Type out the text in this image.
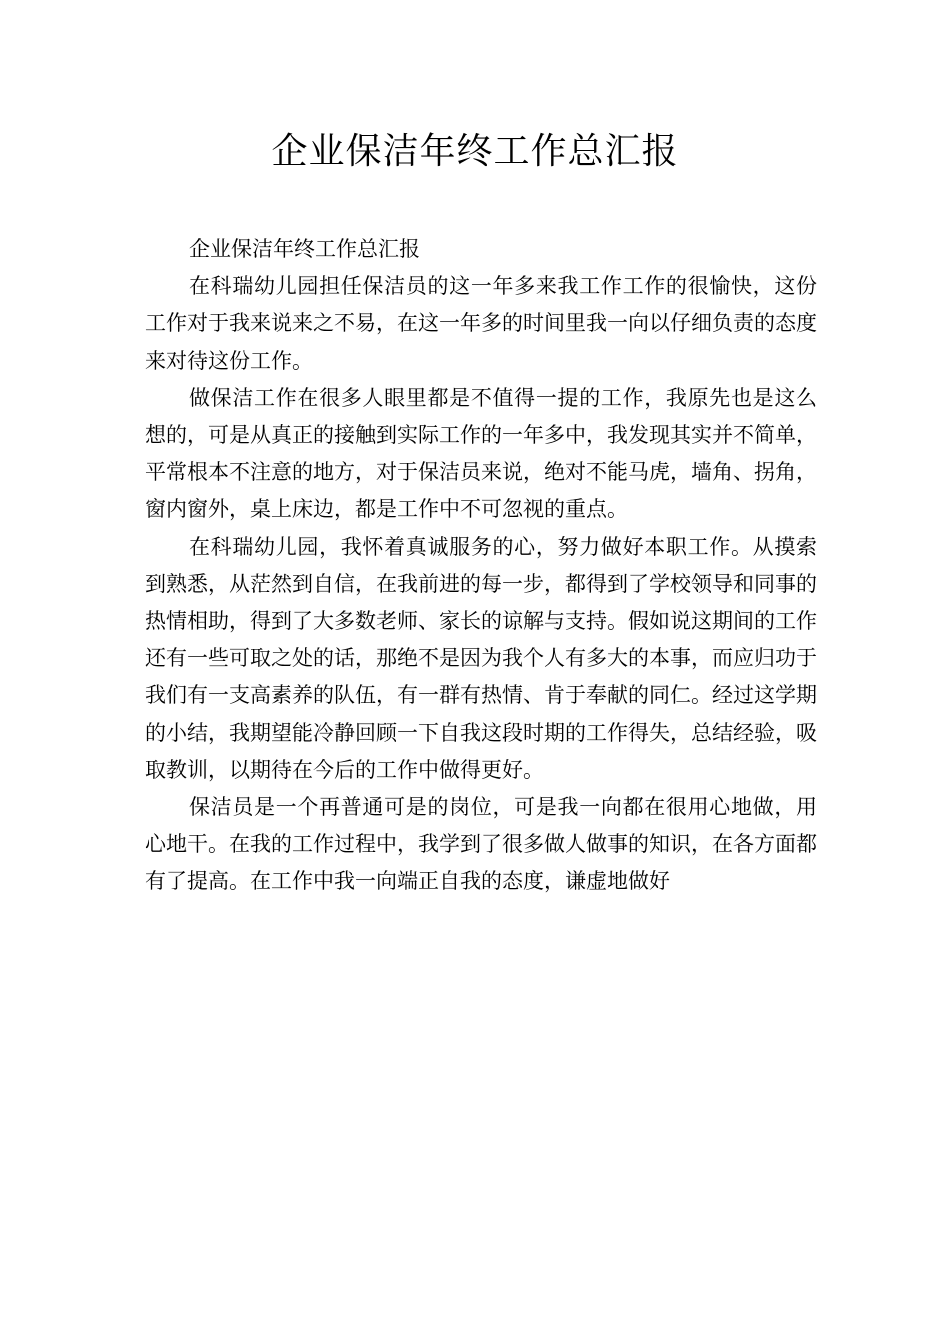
企业保洁年终工作总汇报

企业保洁年终工作总汇报

在科瑞幼儿园担任保洁员的这一年多来我工作工作的很愉快，这份工作对于我来说来之不易，在这一年多的时间里我一向以仔细负责的态度来对待这份工作。

做保洁工作在很多人眼里都是不值得一提的工作，我原先也是这么想的，可是从真正的接触到实际工作的一年多中，我发现其实并不简单，平常根本不注意的地方，对于保洁员来说，绝对不能马虎，墙角、拐角，窗内窗外，桌上床边，都是工作中不可忽视的重点。

在科瑞幼儿园，我怀着真诚服务的心，努力做好本职工作。从摸索到熟悉，从茫然到自信，在我前进的每一步，都得到了学校领导和同事的热情相助，得到了大多数老师、家长的谅解与支持。假如说这期间的工作还有一些可取之处的话，那绝不是因为我个人有多大的本事，而应归功于我们有一支高素养的队伍，有一群有热情、肯于奉献的同仁。经过这学期的小结，我期望能冷静回顾一下自我这段时期的工作得失，总结经验，吸取教训，以期待在今后的工作中做得更好。

保洁员是一个再普通可是的岗位，可是我一向都在很用心地做，用心地干。在我的工作过程中，我学到了很多做人做事的知识，在各方面都有了提高。在工作中我一向端正自我的态度，谦虚地做好
